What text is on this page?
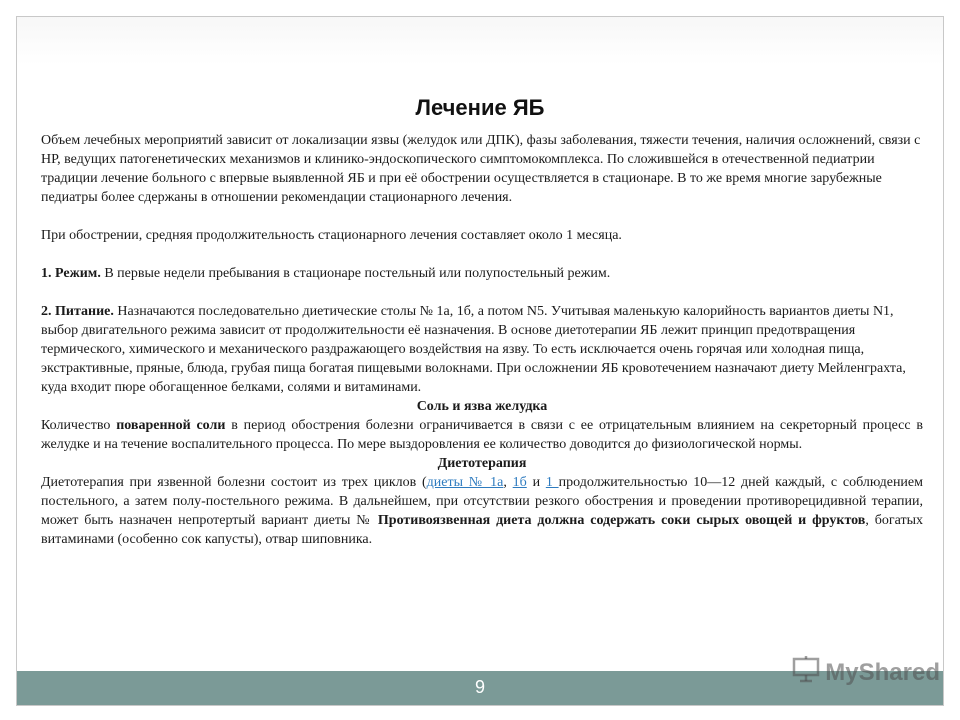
Лечение ЯБ

Объем лечебных мероприятий зависит от локализации язвы (желудок или ДПК), фазы заболевания, тяжести течения, наличия осложнений, связи с НР, ведущих патогенетических механизмов и клинико-эндоскопического симптомокомплекса. По сложившейся в отечественной педиатрии традиции лечение больного с впервые выявленной ЯБ и при её обострении осуществляется в стационаре. В то же время многие зарубежные педиатры более сдержаны в отношении рекомендации стационарного лечения.

При обострении, средняя продолжительность стационарного лечения составляет около 1 месяца.

1. Режим. В первые недели пребывания в стационаре постельный или полупостельный режим.

2. Питание. Назначаются последовательно диетические столы № 1а, 1б, а потом N5. Учитывая маленькую калорийность вариантов диеты N1, выбор двигательного режима зависит от продолжительности её назначения. В основе диетотерапии ЯБ лежит принцип предотвращения термического, химического и механического раздражающего воздействия на язву. То есть исключается очень горячая или холодная пища, экстрактивные, пряные, блюда, грубая пища богатая пищевыми волокнами. При осложнении ЯБ кровотечением назначают диету Мейленграхта, куда входит пюре обогащенное белками, солями и витаминами.

Соль и язва желудка

Количество поваренной соли в период обострения болезни ограничивается в связи с ее отрицательным влиянием на секреторный процесс в желудке и на течение воспалительного процесса. По мере выздоровления ее количество доводится до физиологической нормы.

Диетотерапия

Диетотерапия при язвенной болезни состоит из трех циклов (диеты № 1а, 1б и 1 продолжительностью 10—12 дней каждый, с соблюдением постельного, а затем полу-постельного режима. В дальнейшем, при отсутствии резкого обострения и проведении противорецидивной терапии, может быть назначен непротертый вариант диеты № Противоязвенная диета должна содержать соки сырых овощей и фруктов, богатых витаминами (особенно сок капусты), отвар шиповника.

9
MyShared
